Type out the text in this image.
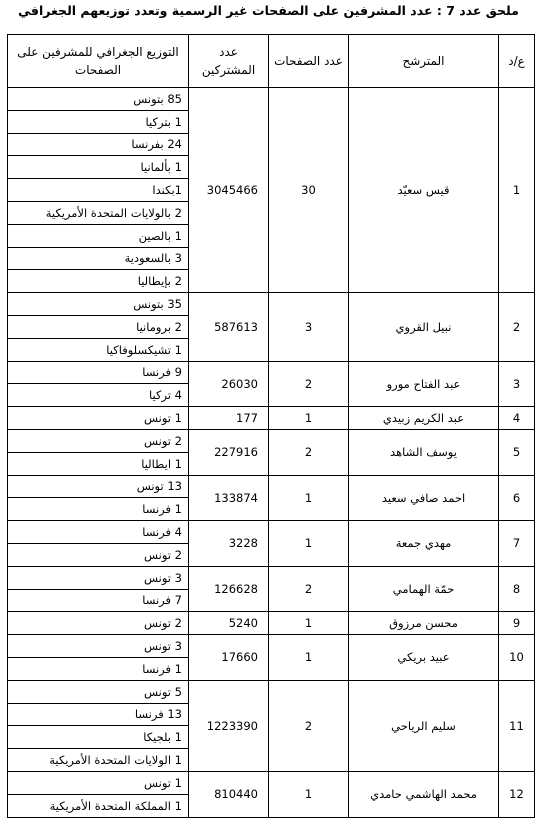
ملحق عدد 7 : عدد المشرفين على الصفحات غير الرسمية وتعدد توزيعهم الجغرافي
ع/د	المترشح	عدد الصفحات	عدد المشتركين	التوزيع الجغرافي للمشرفين على الصفحات
1	قيس سعيّد	30	3045466	85 بتونس
				1 بتركيا
				24 بفرنسا
				1 بألمانيا
				1بكندا
				2 بالولايات المتحدة الأمريكية
				1 بالصين
				3 بالسعودية
				2 بإيطاليا
2	نبيل القروي	3	587613	35 بتونس
				2 برومانيا
				1 تشيكسلوفاكيا
3	عبد الفتاح مورو	2	26030	9 فرنسا
				4 تركيا
4	عبد الكريم زبيدي	1	177	1 تونس
5	يوسف الشاهد	2	227916	2 تونس
				1 ايطاليا
6	احمد صافي سعيد	1	133874	13 تونس
				1 فرنسا
7	مهدي جمعة	1	3228	4 فرنسا
				2 تونس
8	حمّة الهمامي	2	126628	3 تونس
				7 فرنسا
9	محسن مرزوق	1	5240	2 تونس
10	عبيد بريكي	1	17660	3 تونس
				1 فرنسا
11	سليم الرياحي	2	1223390	5 تونس
				13 فرنسا
				1 بلجيكا
				1 الولايات المتحدة الأمريكية
12	محمد الهاشمي حامدي	1	810440	1 تونس
				1 المملكة المتحدة الأمريكية
